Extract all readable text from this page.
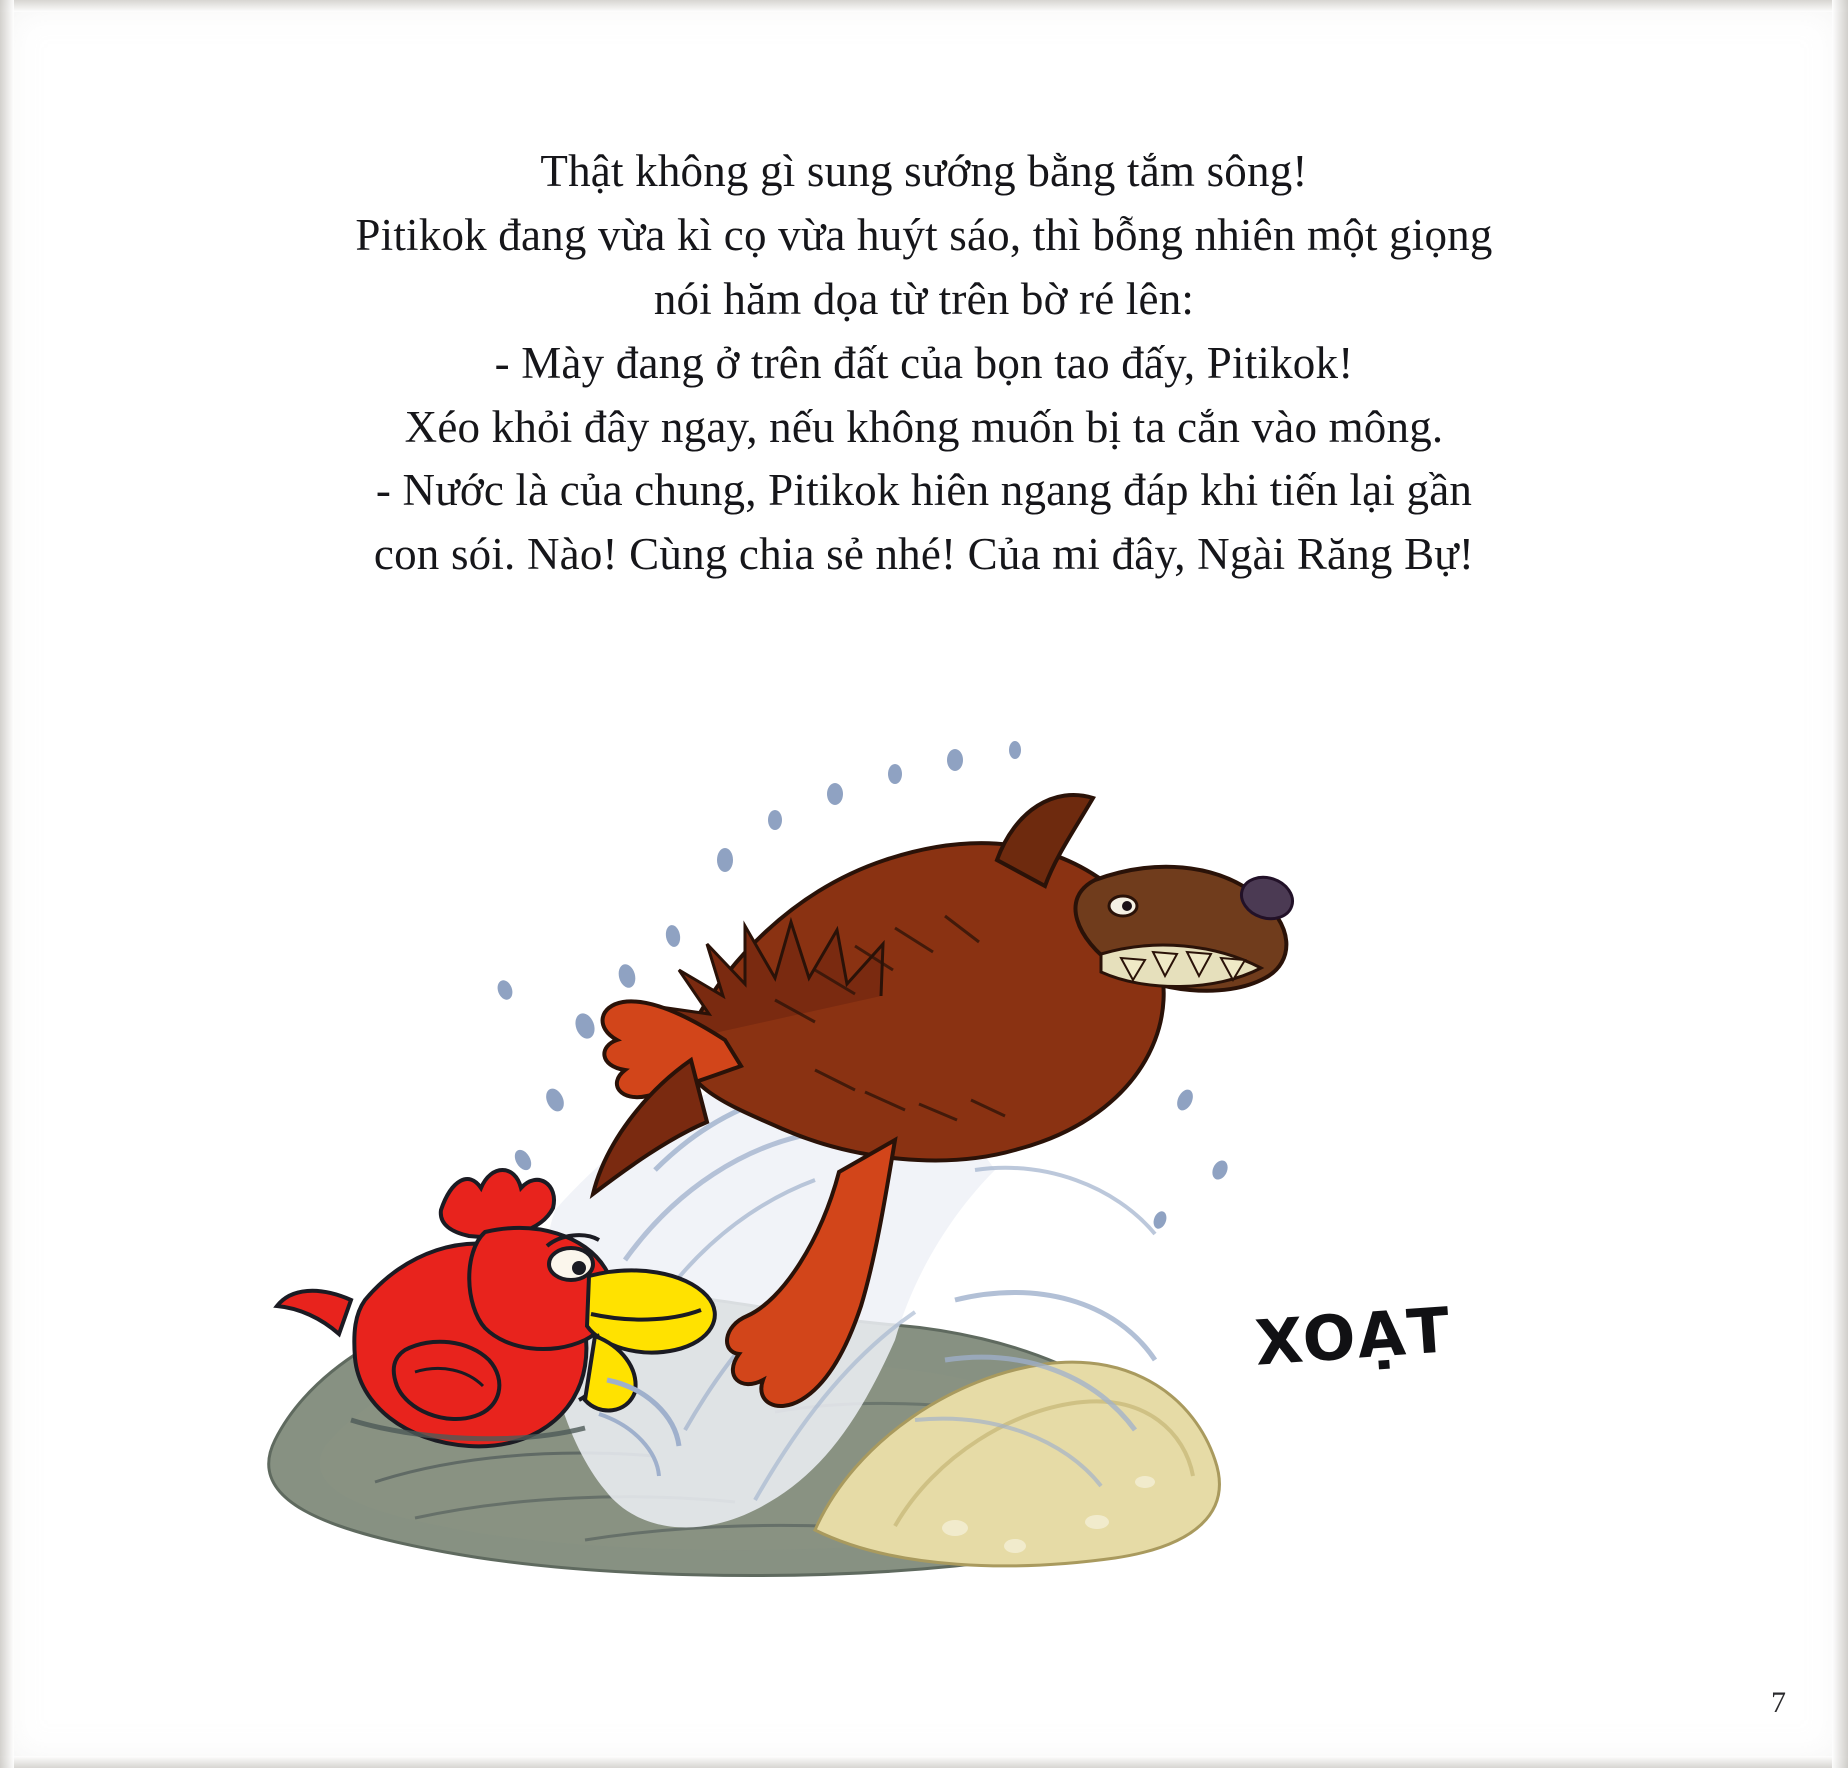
Thật không gì sung sướng bằng tắm sông!

Pitikok đang vừa kì cọ vừa huýt sáo, thì bỗng nhiên một giọng

nói hăm dọa từ trên bờ ré lên:

- Mày đang ở trên đất của bọn tao đấy, Pitikok!

Xéo khỏi đây ngay, nếu không muốn bị ta cắn vào mông.

- Nước là của chung, Pitikok hiên ngang đáp khi tiến lại gần

con sói. Nào! Cùng chia sẻ nhé! Của mi đây, Ngài Răng Bự!

XOẠT
7
